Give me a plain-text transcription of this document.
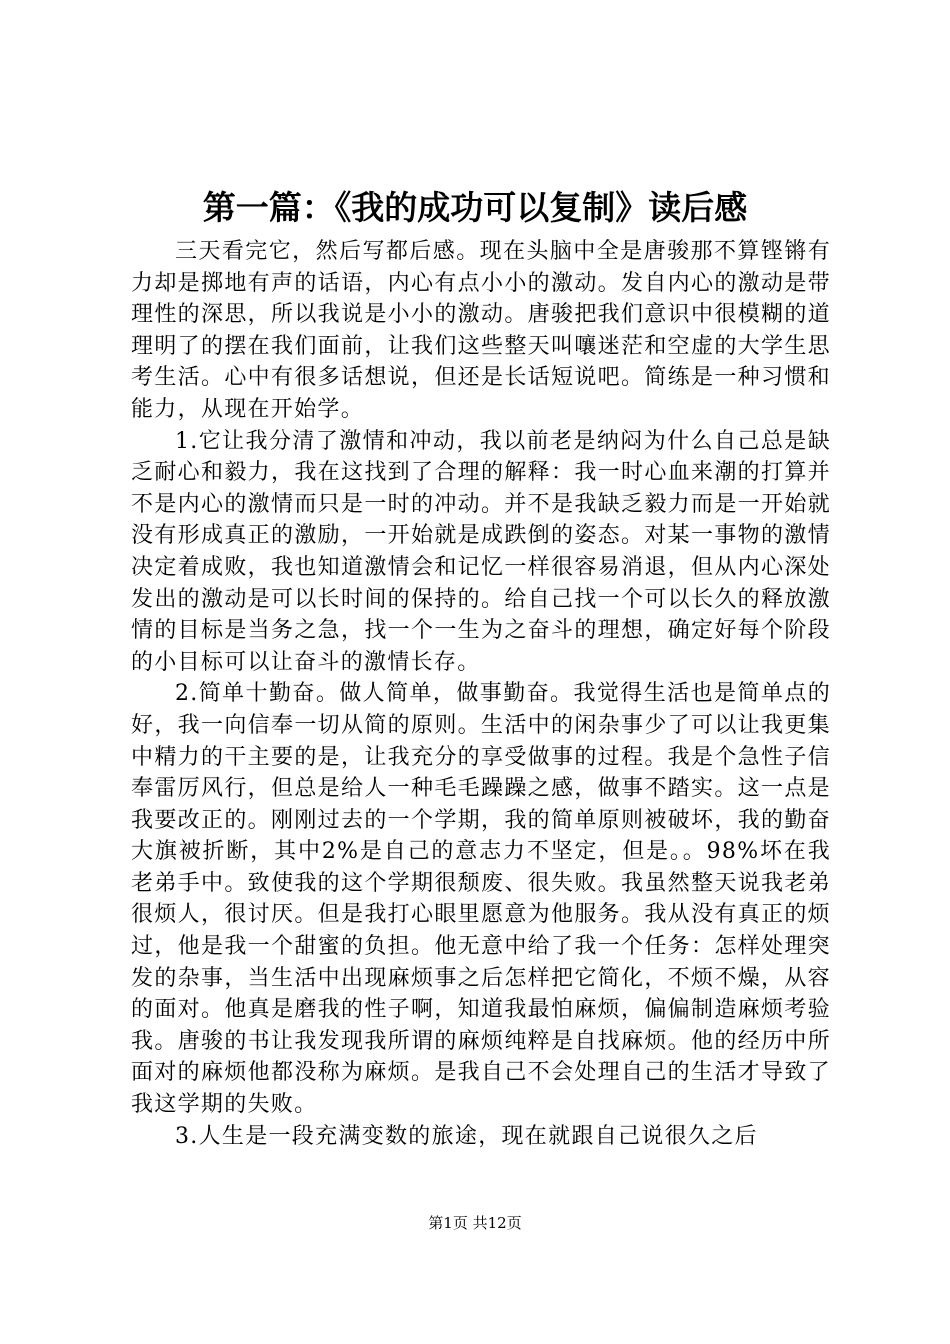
第一篇：《我的成功可以复制》读后感

三天看完它，然后写都后感。现在头脑中全是唐骏那不算铿锵有力却是掷地有声的话语，内心有点小小的激动。发自内心的激动是带理性的深思，所以我说是小小的激动。唐骏把我们意识中很模糊的道理明了的摆在我们面前，让我们这些整天叫嚷迷茫和空虚的大学生思考生活。心中有很多话想说，但还是长话短说吧。简练是一种习惯和能力，从现在开始学。

1.它让我分清了激情和冲动，我以前老是纳闷为什么自己总是缺乏耐心和毅力，我在这找到了合理的解释：我一时心血来潮的打算并不是内心的激情而只是一时的冲动。并不是我缺乏毅力而是一开始就没有形成真正的激励，一开始就是成跌倒的姿态。对某一事物的激情决定着成败，我也知道激情会和记忆一样很容易消退，但从内心深处发出的激动是可以长时间的保持的。给自己找一个可以长久的释放激情的目标是当务之急，找一个一生为之奋斗的理想，确定好每个阶段的小目标可以让奋斗的激情长存。

2.简单十勤奋。做人简单，做事勤奋。我觉得生活也是简单点的好，我一向信奉一切从简的原则。生活中的闲杂事少了可以让我更集中精力的干主要的是，让我充分的享受做事的过程。我是个急性子信奉雷厉风行，但总是给人一种毛毛躁躁之感，做事不踏实。这一点是我要改正的。刚刚过去的一个学期，我的简单原则被破坏，我的勤奋大旗被折断，其中2%是自己的意志力不坚定，但是。。98%坏在我老弟手中。致使我的这个学期很颓废、很失败。我虽然整天说我老弟很烦人，很讨厌。但是我打心眼里愿意为他服务。我从没有真正的烦过，他是我一个甜蜜的负担。他无意中给了我一个任务：怎样处理突发的杂事，当生活中出现麻烦事之后怎样把它简化，不烦不燥，从容的面对。他真是磨我的性子啊，知道我最怕麻烦，偏偏制造麻烦考验我。唐骏的书让我发现我所谓的麻烦纯粹是自找麻烦。他的经历中所面对的麻烦他都没称为麻烦。是我自己不会处理自己的生活才导致了我这学期的失败。

3.人生是一段充满变数的旅途，现在就跟自己说很久之后

第1页 共12页
